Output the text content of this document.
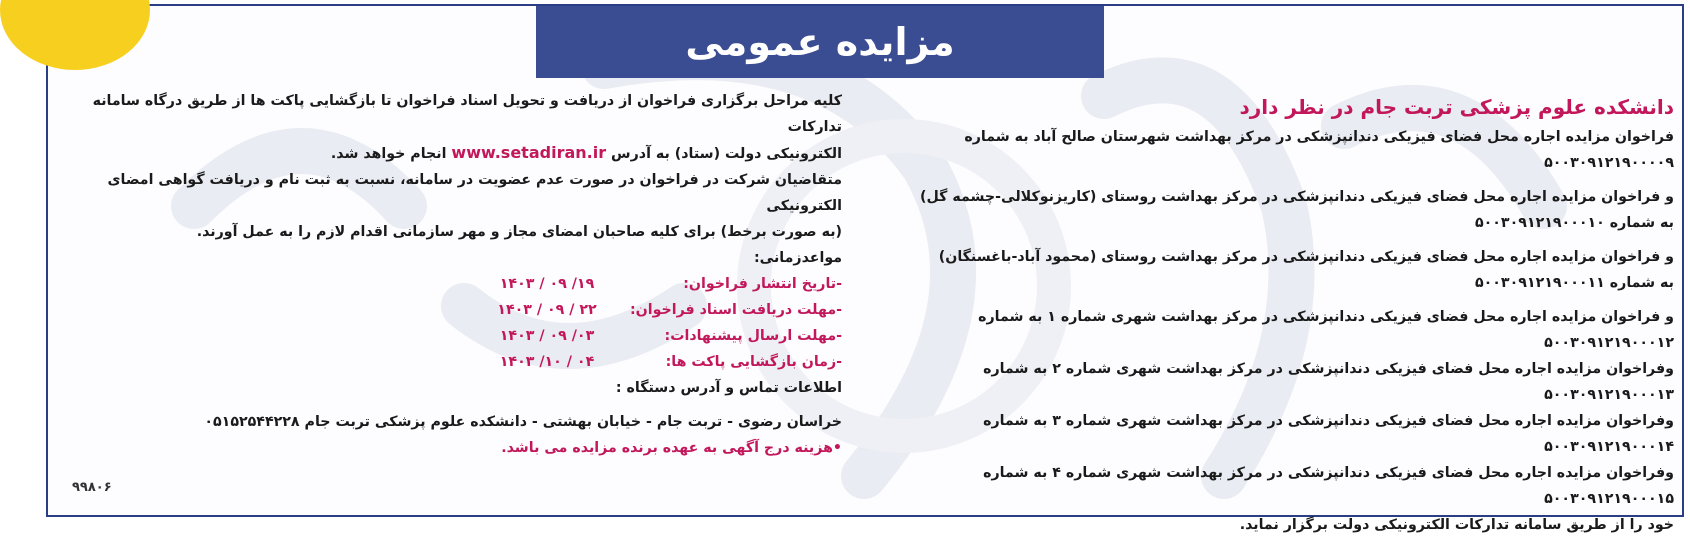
مزایده عمومی

دانشکده علوم پزشکی تربت جام در نظر دارد

فراخوان مزایده اجاره محل فضای فیزیکی دندانپزشکی در مرکز بهداشت شهرستان صالح آباد به شماره

۵۰۰۳۰۹۱۲۱۹۰۰۰۰۹

و فراخوان مزایده اجاره محل فضای فیزیکی دندانپزشکی در مرکز بهداشت روستای (کاریزنوکلالی-چشمه گل)

به شماره ۵۰۰۳۰۹۱۲۱۹۰۰۰۱۰

و فراخوان مزایده اجاره محل فضای فیزیکی دندانپزشکی در مرکز بهداشت روستای (محمود آباد-باغسنگان)

به شماره ۵۰۰۳۰۹۱۲۱۹۰۰۰۱۱

و فراخوان مزایده اجاره محل فضای فیزیکی دندانپزشکی در مرکز بهداشت شهری شماره ۱ به شماره ۵۰۰۳۰۹۱۲۱۹۰۰۰۱۲

وفراخوان مزایده اجاره محل فضای فیزیکی دندانپزشکی در مرکز بهداشت شهری شماره ۲ به شماره ۵۰۰۳۰۹۱۲۱۹۰۰۰۱۳

وفراخوان مزایده اجاره محل فضای فیزیکی دندانپزشکی در مرکز بهداشت شهری شماره ۳ به شماره ۵۰۰۳۰۹۱۲۱۹۰۰۰۱۴

وفراخوان مزایده اجاره محل فضای فیزیکی دندانپزشکی در مرکز بهداشت شهری شماره ۴ به شماره ۵۰۰۳۰۹۱۲۱۹۰۰۰۱۵

خود را از طریق سامانه تدارکات الکترونیکی دولت برگزار نماید.

کلیه مراحل برگزاری فراخوان از دریافت و تحویل اسناد فراخوان تا بازگشایی پاکت ها از طریق درگاه سامانه تدارکات

الکترونیکی دولت (ستاد) به آدرس www.setadiran.ir انجام خواهد شد.

متقاضیان شرکت در فراخوان در صورت عدم عضویت در سامانه، نسبت به ثبت نام و دریافت گواهی امضای الکترونیکی

(به صورت برخط) برای کلیه صاحبان امضای مجاز و مهر سازمانی اقدام لازم را به عمل آورند.

مواعدزمانی:

-تاریخ انتشار فراخوان:
۱۴۰۳ / ۰۹ /۱۹
-مهلت دریافت اسناد فراخوان:
۱۴۰۳ / ۰۹ / ۲۲
-مهلت ارسال پیشنهادات:
۱۴۰۳ / ۰۹ /۰۳
-زمان بازگشایی پاکت ها:
۱۴۰۳ /۱۰ / ۰۴

اطلاعات تماس و آدرس دستگاه :

خراسان رضوی - تربت جام - خیابان بهشتی - دانشکده علوم پزشکی تربت جام ۰۵۱۵۲۵۴۴۲۲۸

•هزینه درج آگهی به عهده برنده مزایده می باشد.

۹۹۸۰۶
